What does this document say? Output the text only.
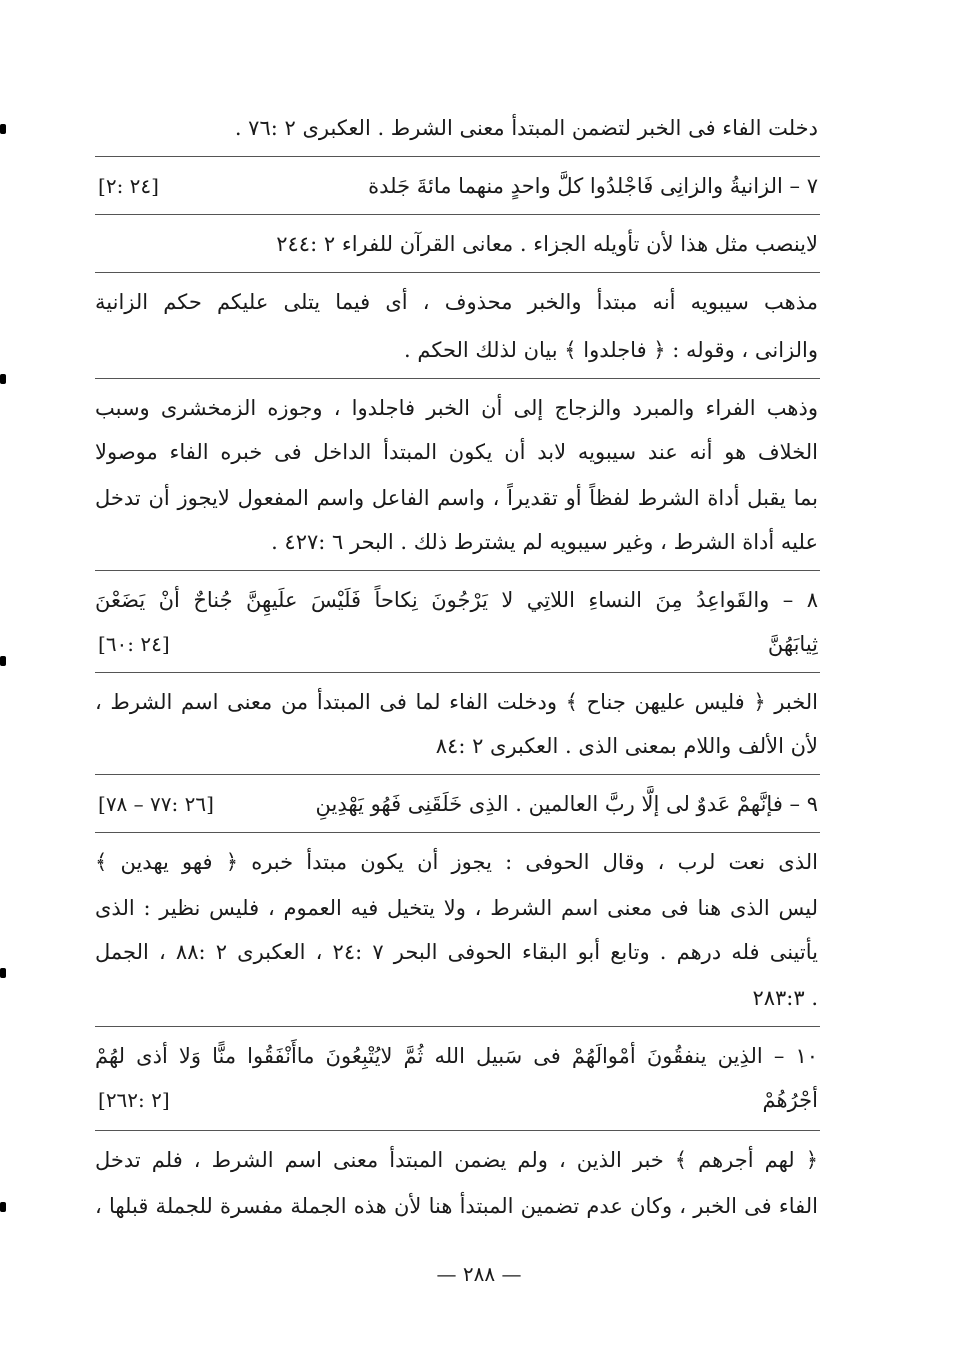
دخلت الفاء فى الخبر لتضمن المبتدأ معنى الشرط . العكبرى ٢ :٧٦ .
٧ – الزانيةُ والزانِى فَاجْلدُوا كلَّ واحدٍ منهما مائةَ جَلدة
[٢٤ :٢]
لاينصب مثل هذا لأن تأويله الجزاء . معانى القرآن للفراء ٢ :٢٤٤
مذهب سيبويه أنه مبتدأ والخبر محذوف ، أى فيما يتلى عليكم حكم الزانية
والزانى ، وقوله : ﴿ فاجلدوا ﴾ بيان لذلك الحكم .
وذهب الفراء والمبرد والزجاج إلى أن الخبر فاجلدوا ، وجوزه الزمخشرى وسبب
الخلاف هو أنه عند سيبويه لابد أن يكون المبتدأ الداخل فى خبره الفاء موصولا
بما يقبل أداة الشرط لفظاً أو تقديراً ، واسم الفاعل واسم المفعول لايجوز أن تدخل
عليه أداة الشرط ، وغير سيبويه لم يشترط ذلك . البحر ٦ :٤٢٧ .
٨ – والقَواعِدُ مِنَ النساءِ اللاتِي لا يَرْجُونَ نِكاحاً فَلَيْسَ علَيهِنَّ جُناحٌ أنْ يَضَعْنَ
ثِيابَهُنَّ
[٢٤ :٦٠]
الخبر ﴿ فليس عليهن جناح ﴾ ودخلت الفاء لما فى المبتدأ من معنى اسم الشرط ،
لأن الألف واللام بمعنى الذى . العكبرى ٢ :٨٤
٩ – فإنَّهمْ عَدوٌ لى إلَّا ربَّ العالمين . الذِى خَلَقَنِى فَهُو يَهْدِينِ
[٢٦ :٧٧ – ٧٨]
الذى نعت لرب ، وقال الحوفى : يجوز أن يكون مبتدأ خبره ﴿ فهو يهدين ﴾
ليس الذى هنا فى معنى اسم الشرط ، ولا يتخيل فيه العموم ، فليس نظير : الذى
يأتينى فله درهم . وتابع أبو البقاء الحوفى البحر ٧ :٢٤ ، العكبرى ٢ :٨٨ ، الجمل
. ٢٨٣:٣
١٠ – الذِين ينفقُونَ أمْوالَهُمْ فى سَبيل الله ثُمَّ لايُتْبِعُونَ ماأَنْفَقُوا منًّا وَلا أذى لهُمْ
أجْرُهُمْ
[٢ :٢٦٢]
﴿ لهم أجرهم ﴾ خبر الذين ، ولم يضمن المبتدأ معنى اسم الشرط ، فلم تدخل
الفاء فى الخبر ، وكان عدم تضمين المبتدأ هنا لأن هذه الجملة مفسرة للجملة قبلها ،
— ٢٨٨ —
